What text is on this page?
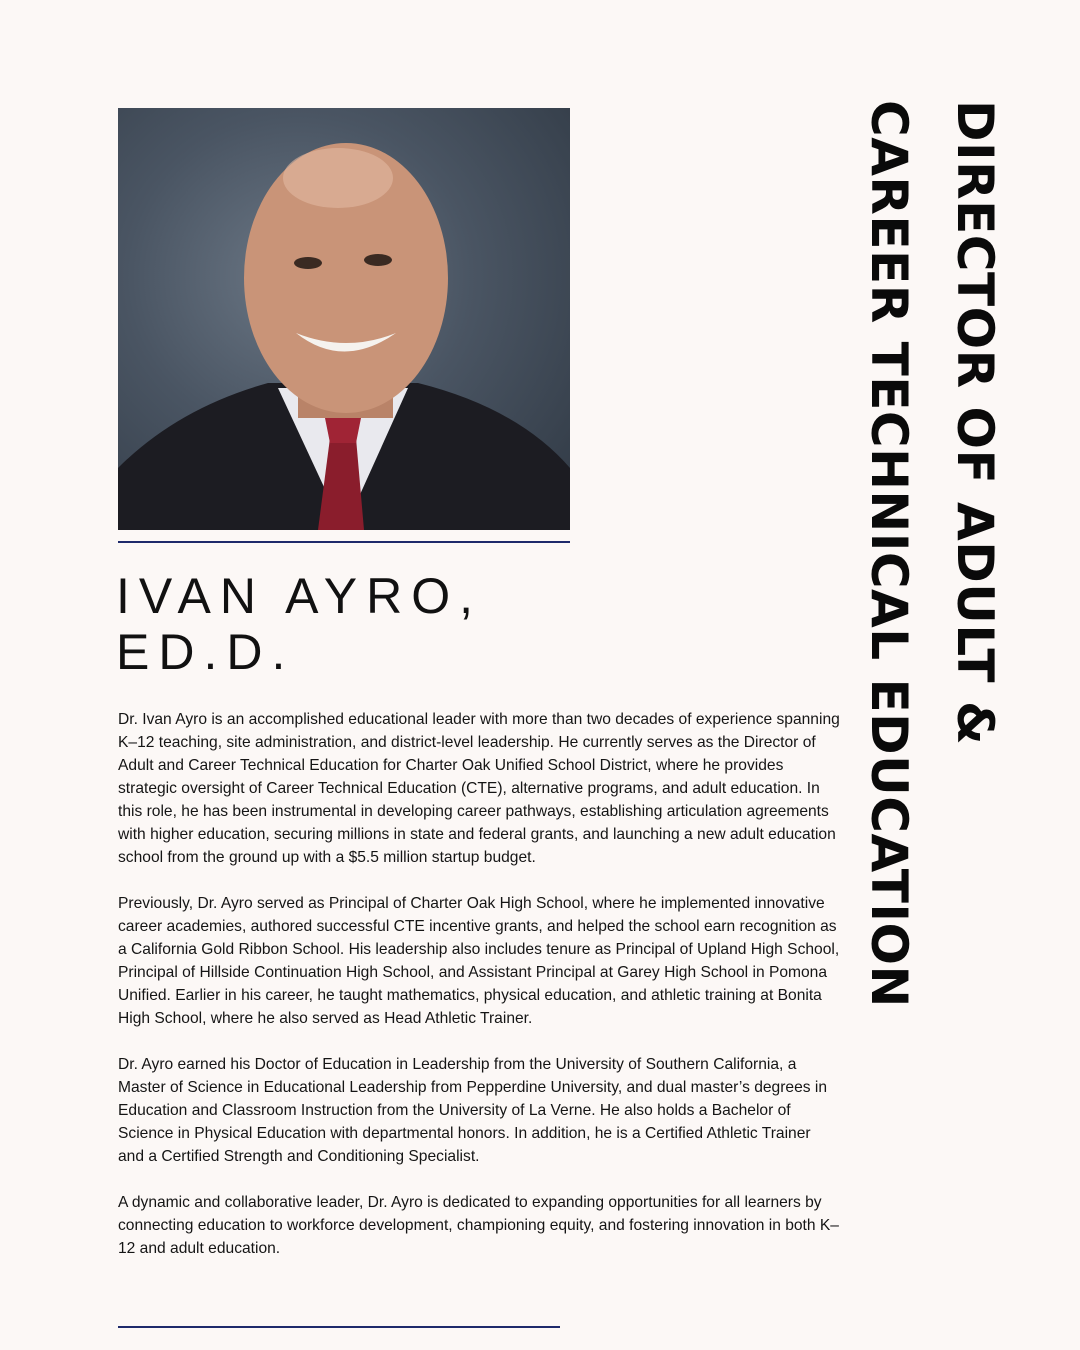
IVAN AYRO,
ED.D.

Dr. Ivan Ayro is an accomplished educational leader with more than two decades of experience spanning K–12 teaching, site administration, and district-level leadership. He currently serves as the Director of Adult and Career Technical Education for Charter Oak Unified School District, where he provides strategic oversight of Career Technical Education (CTE), alternative programs, and adult education. In this role, he has been instrumental in developing career pathways, establishing articulation agreements with higher education, securing millions in state and federal grants, and launching a new adult education school from the ground up with a $5.5 million startup budget.

Previously, Dr. Ayro served as Principal of Charter Oak High School, where he implemented innovative career academies, authored successful CTE incentive grants, and helped the school earn recognition as a California Gold Ribbon School. His leadership also includes tenure as Principal of Upland High School, Principal of Hillside Continuation High School, and Assistant Principal at Garey High School in Pomona Unified. Earlier in his career, he taught mathematics, physical education, and athletic training at Bonita High School, where he also served as Head Athletic Trainer.

Dr. Ayro earned his Doctor of Education in Leadership from the University of Southern California, a Master of Science in Educational Leadership from Pepperdine University, and dual master’s degrees in Education and Classroom Instruction from the University of La Verne. He also holds a Bachelor of Science in Physical Education with departmental honors. In addition, he is a Certified Athletic Trainer and a Certified Strength and Conditioning Specialist.

A dynamic and collaborative leader, Dr. Ayro is dedicated to expanding opportunities for all learners by connecting education to workforce development, championing equity, and fostering innovation in both K–12 and adult education.

DIRECTOR OF ADULT &
CAREER TECHNICAL EDUCATION
